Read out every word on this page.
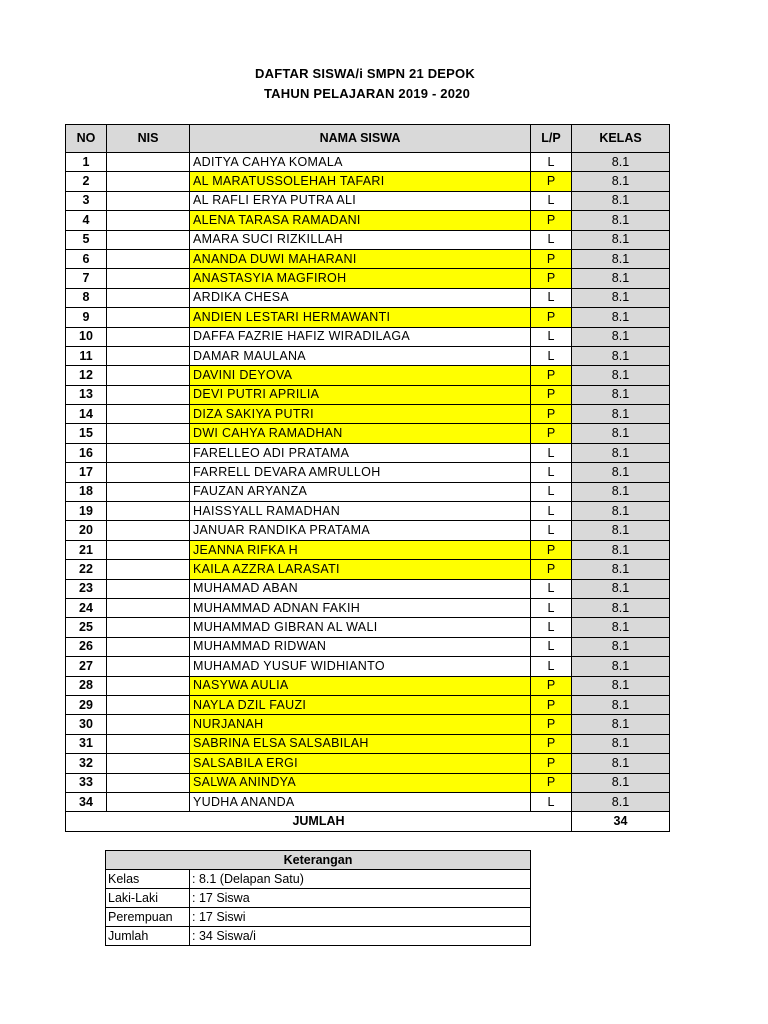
DAFTAR SISWA/i SMPN 21 DEPOK
TAHUN PELAJARAN 2019 - 2020
NO	NIS	NAMA SISWA	L/P	KELAS
1		ADITYA CAHYA KOMALA	L	8.1
2		AL MARATUSSOLEHAH TAFARI	P	8.1
3		AL RAFLI ERYA PUTRA ALI	L	8.1
4		ALENA TARASA RAMADANI	P	8.1
5		AMARA SUCI RIZKILLAH	L	8.1
6		ANANDA DUWI MAHARANI	P	8.1
7		ANASTASYIA MAGFIROH	P	8.1
8		ARDIKA CHESA	L	8.1
9		ANDIEN LESTARI HERMAWANTI	P	8.1
10		DAFFA FAZRIE HAFIZ WIRADILAGA	L	8.1
11		DAMAR MAULANA	L	8.1
12		DAVINI DEYOVA	P	8.1
13		DEVI PUTRI APRILIA	P	8.1
14		DIZA SAKIYA PUTRI	P	8.1
15		DWI CAHYA RAMADHAN	P	8.1
16		FARELLEO ADI PRATAMA	L	8.1
17		FARRELL DEVARA AMRULLOH	L	8.1
18		FAUZAN ARYANZA	L	8.1
19		HAISSYALL RAMADHAN	L	8.1
20		JANUAR RANDIKA PRATAMA	L	8.1
21		JEANNA RIFKA H	P	8.1
22		KAILA AZZRA LARASATI	P	8.1
23		MUHAMAD ABAN	L	8.1
24		MUHAMMAD ADNAN FAKIH	L	8.1
25		MUHAMMAD GIBRAN AL WALI	L	8.1
26		MUHAMMAD RIDWAN	L	8.1
27		MUHAMAD YUSUF WIDHIANTO	L	8.1
28		NASYWA AULIA	P	8.1
29		NAYLA DZIL FAUZI	P	8.1
30		NURJANAH	P	8.1
31		SABRINA ELSA SALSABILAH	P	8.1
32		SALSABILA ERGI	P	8.1
33		SALWA ANINDYA	P	8.1
34		YUDHA ANANDA	L	8.1
JUMLAH				34
Keterangan	
Kelas	: 8.1 (Delapan Satu)
Laki-Laki	: 17 Siswa
Perempuan	: 17 Siswi
Jumlah	: 34 Siswa/i
